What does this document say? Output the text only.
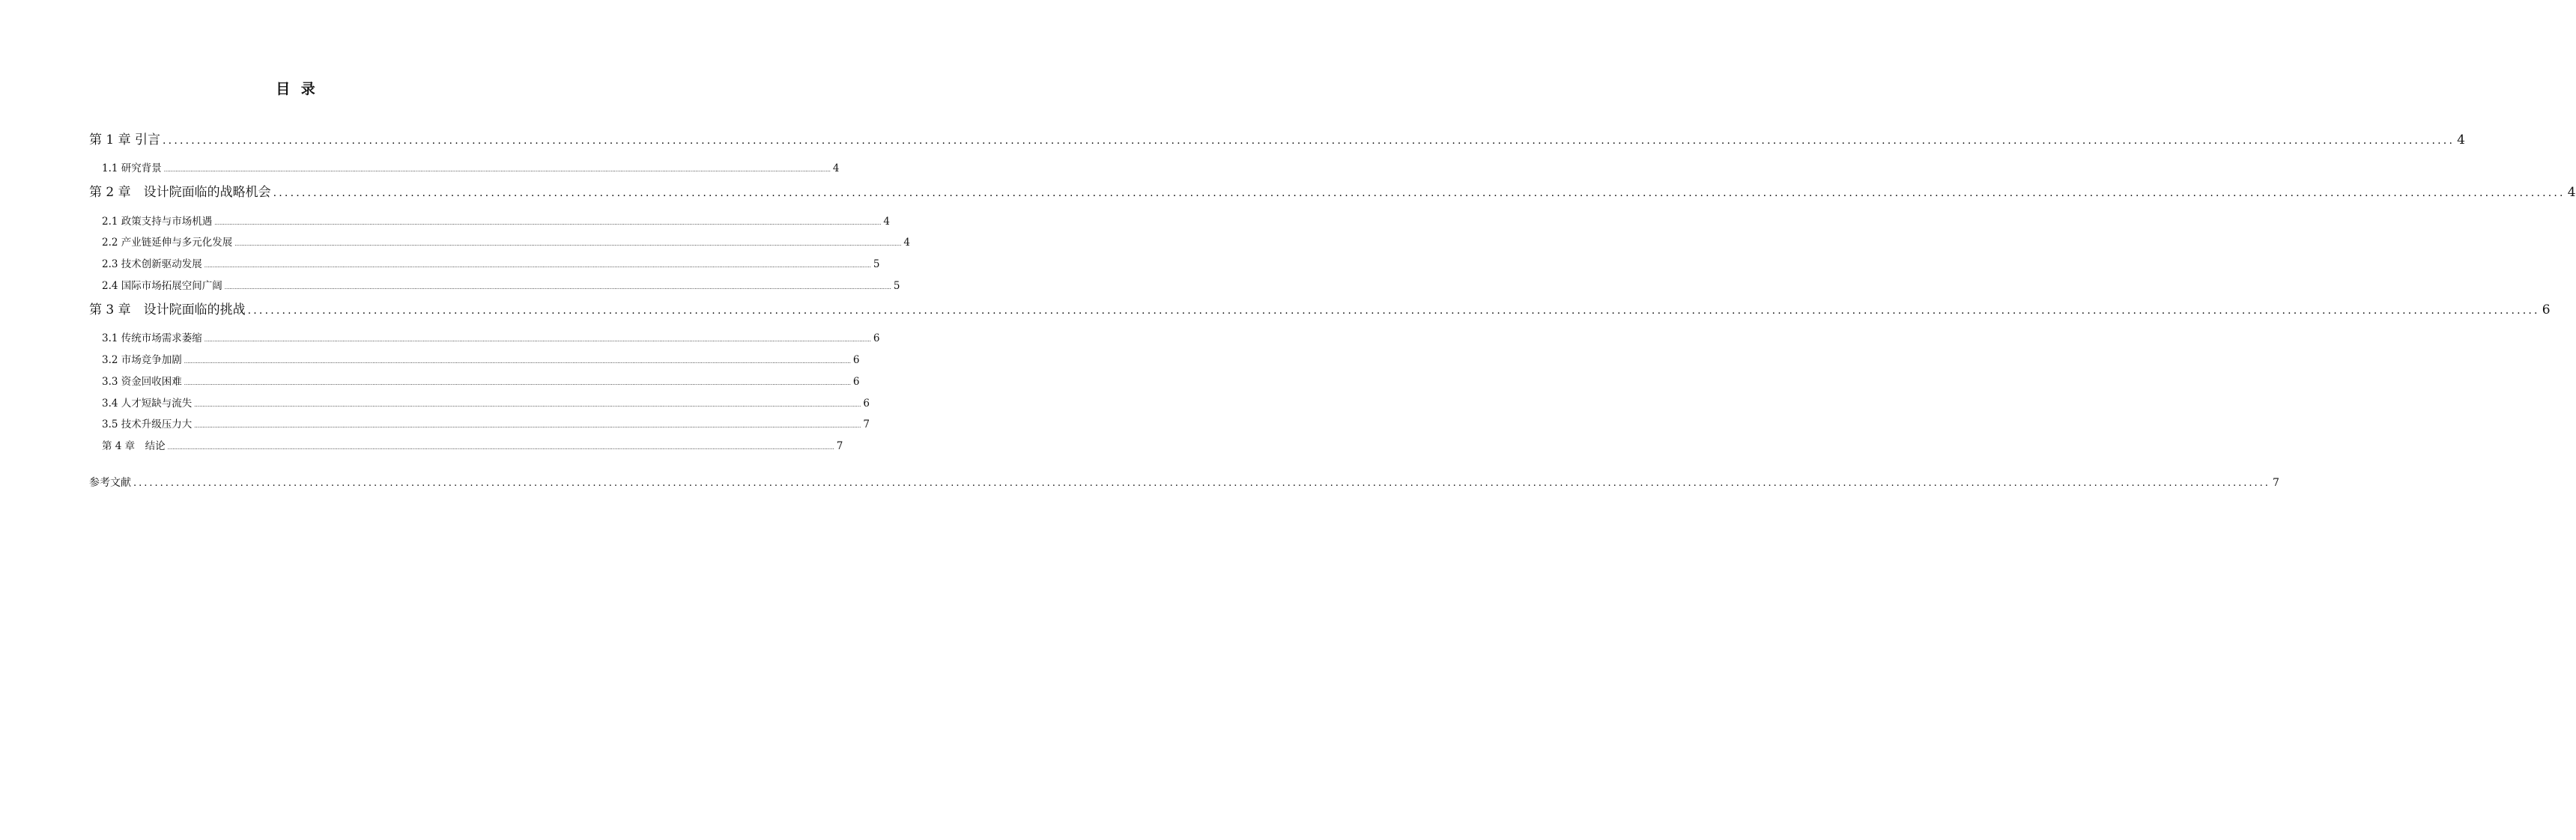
目 录
第 1 章 引言 ................................................................................................................................................................................................................................................................................................................................................................................................................ 4
1.1 研究背景 ................................................................................................................................................................................................................................................................................................................................................................................................................ 4
第 2 章　设计院面临的战略机会 ................................................................................................................................................................................................................................................................................................................................................................................................................ 4
2.1 政策支持与市场机遇 ................................................................................................................................................................................................................................................................................................................................................................................................................ 4
2.2 产业链延伸与多元化发展 ................................................................................................................................................................................................................................................................................................................................................................................................................ 4
2.3 技术创新驱动发展 ................................................................................................................................................................................................................................................................................................................................................................................................................ 5
2.4 国际市场拓展空间广阔 ................................................................................................................................................................................................................................................................................................................................................................................................................ 5
第 3 章　设计院面临的挑战 ................................................................................................................................................................................................................................................................................................................................................................................................................ 6
3.1 传统市场需求萎缩 ................................................................................................................................................................................................................................................................................................................................................................................................................ 6
3.2 市场竞争加剧 ................................................................................................................................................................................................................................................................................................................................................................................................................ 6
3.3 资金回收困难 ................................................................................................................................................................................................................................................................................................................................................................................................................ 6
3.4 人才短缺与流失 ................................................................................................................................................................................................................................................................................................................................................................................................................ 6
3.5 技术升级压力大 ................................................................................................................................................................................................................................................................................................................................................................................................................ 7
第 4 章　结论 ................................................................................................................................................................................................................................................................................................................................................................................................................ 7
参考文献 ................................................................................................................................................................................................................................................................................................................................................................................................................ 7
